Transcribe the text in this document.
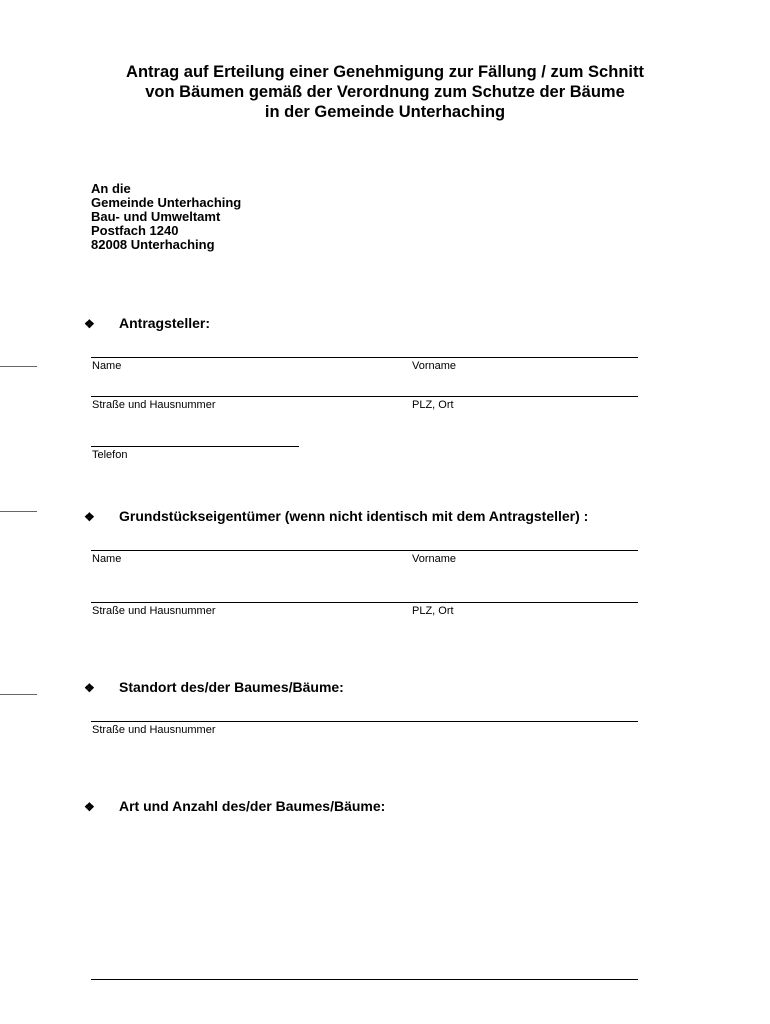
Antrag auf Erteilung einer Genehmigung zur Fällung / zum Schnitt
von Bäumen gemäß der Verordnung zum Schutze der Bäume
in der Gemeinde Unterhaching
An die
Gemeinde Unterhaching
Bau- und Umweltamt
Postfach 1240
82008 Unterhaching
❖ Antragsteller:
Name	Vorname
Straße und Hausnummer	PLZ, Ort
Telefon
❖ Grundstückseigentümer (wenn nicht identisch mit dem Antragsteller) :
Name	Vorname
Straße und Hausnummer	PLZ, Ort
❖ Standort des/der Baumes/Bäume:
Straße und Hausnummer
❖ Art und Anzahl des/der Baumes/Bäume:
